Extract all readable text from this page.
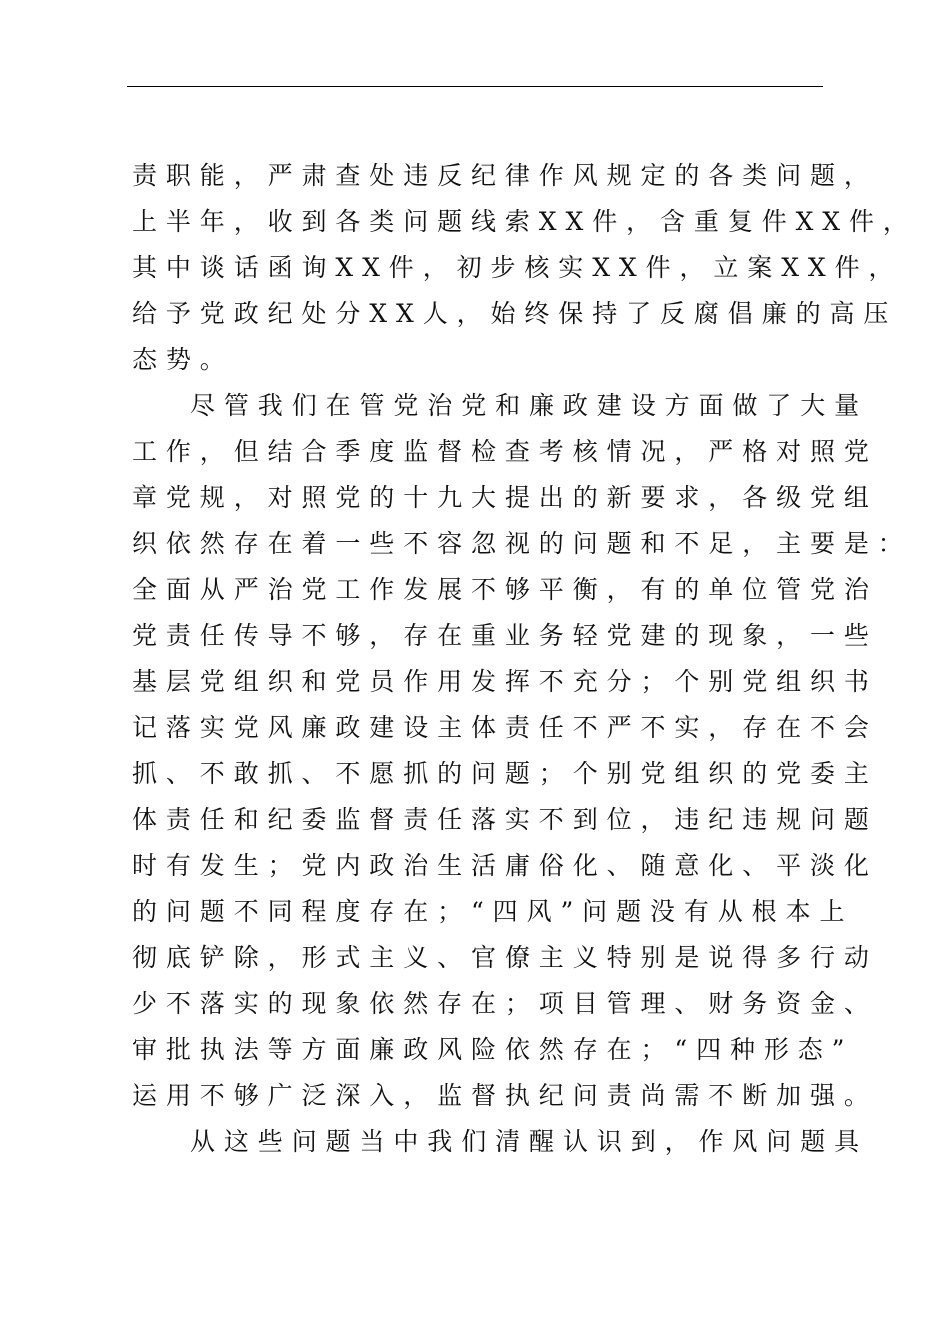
责职能，严肃查处违反纪律作风规定的各类问题，
上半年，收到各类问题线索XX件，含重复件XX件，
其中谈话函询XX件，初步核实XX件，立案XX件，
给予党政纪处分XX人，始终保持了反腐倡廉的高压
态势。
尽管我们在管党治党和廉政建设方面做了大量
工作，但结合季度监督检查考核情况，严格对照党
章党规，对照党的十九大提出的新要求，各级党组
织依然存在着一些不容忽视的问题和不足，主要是：
全面从严治党工作发展不够平衡，有的单位管党治
党责任传导不够，存在重业务轻党建的现象，一些
基层党组织和党员作用发挥不充分；个别党组织书
记落实党风廉政建设主体责任不严不实，存在不会
抓、不敢抓、不愿抓的问题；个别党组织的党委主
体责任和纪委监督责任落实不到位，违纪违规问题
时有发生；党内政治生活庸俗化、随意化、平淡化
的问题不同程度存在；“四风”问题没有从根本上
彻底铲除，形式主义、官僚主义特别是说得多行动
少不落实的现象依然存在；项目管理、财务资金、
审批执法等方面廉政风险依然存在；“四种形态”
运用不够广泛深入，监督执纪问责尚需不断加强。
从这些问题当中我们清醒认识到，作风问题具
